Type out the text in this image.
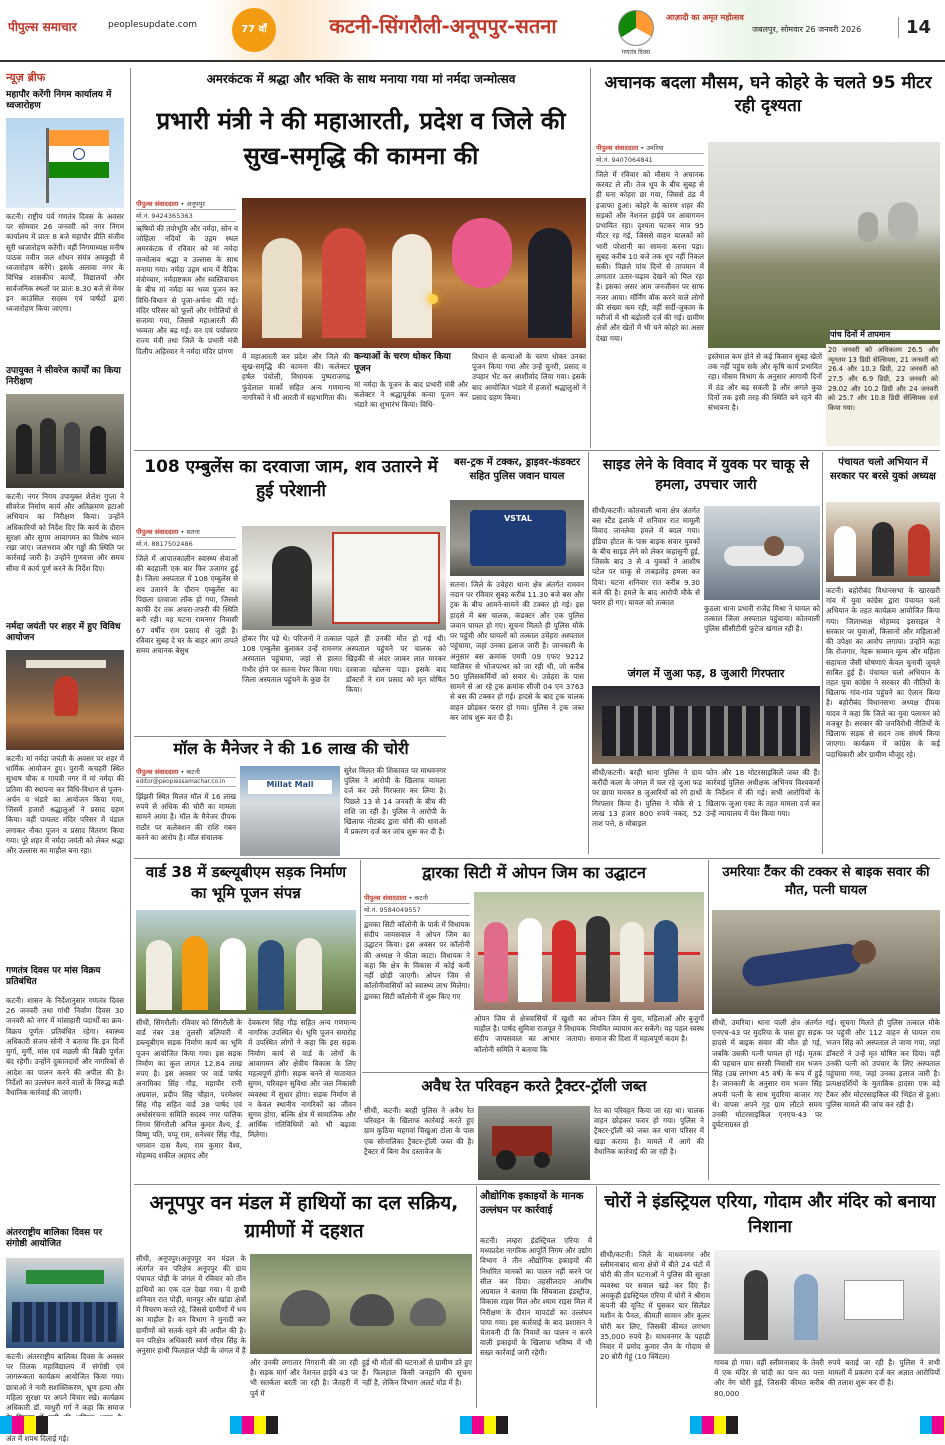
पीपुल्स समाचार	peoplesupdate.com	77 वाँ	कटनी-सिंगरौली-अनूपपुर-सतना
गणतंत्र दिवस
आज़ादी का अमृत महोत्सव
जबलपुर, सोमवार 26 जनवरी 2026	14
न्यूज़ ब्रीफ
महापौर करेंगी निगम कार्यालय में ध्वजारोहण
कटनी। राष्ट्रीय पर्व गणतंत्र दिवस के अवसर पर सोमवार 26 जनवरी को नगर निगम कार्यालय में प्रातः 8 बजे महापौर प्रीति संजीव सूरी ध्वजारोहण करेंगी। वहीं निगमाध्यक्ष मनीष पाठक नवीन जल शोधन संयंत्र अमकुही में ध्वजारोहण करेंगे। इसके अलावा नगर के विभिन्न शासकीय कार्यों, विद्यालयों और सार्वजनिक स्थलों पर प्रातः 8.30 बजे से मेयर इन काउंसिल सदस्य एवं पार्षदों द्वारा ध्वजारोहण किया जाएगा।
उपायुक्त ने सीवरेज कार्यों का किया निरीक्षण
कटनी। नगर निगम उपायुक्त शैलेश गुप्ता ने सीवरेज निर्माण कार्य और अतिक्रमण हटाओ अभियान का निरीक्षण किया। उन्होंने अधिकारियों को निर्देश दिए कि कार्य के दौरान सुरक्षा और सुगम आवागमन का विशेष ध्यान रखा जाए। जलभराव और गड्ढों की स्थिति पर कार्रवाई जारी है। उन्होंने गुणवत्ता और समय सीमा में कार्य पूर्ण करने के निर्देश दिए।
नर्मदा जयंती पर शहर में हुए विविध आयोजन
कटनी। मां नर्मदा जयंती के अवसर पर शहर में धार्मिक आयोजन हुए। पुरानी कचहरी स्थित सुभाष चौक व गायत्री नगर में मां नर्मदा की प्रतिमा की स्थापना कर विधि-विधान से पूजन-अर्चन व भंडारे का आयोजन किया गया, जिसमें हजारों श्रद्धालुओं ने प्रसाद ग्रहण किया। वहीं पायलट मंदिर परिसर में पंडाल लगाकर नौका पूजन व प्रसाद वितरण किया गया। पूरे शहर में नर्मदा जयंती को लेकर श्रद्धा और उल्लास का माहौल बना रहा।
गणतंत्र दिवस पर मांस विक्रय प्रतिबंधित
कटनी। शासन के निर्देशानुसार गणतंत्र दिवस 26 जनवरी तथा गांधी निर्वाण दिवस 30 जनवरी को नगर में मांसाहारी पदार्थों का क्रय-विक्रय पूर्णतः प्रतिबंधित रहेगा। स्वास्थ्य अधिकारी संजय सोनी ने बताया कि इन दिनों मुर्गा, मुर्गी, मांस एवं मछली की बिक्री पूर्णतः बंद रहेगी। उन्होंने दुकानदारों और नागरिकों से आदेश का पालन करने की अपील की है। निर्देशों का उल्लंघन करने वालों के विरुद्ध कड़ी वैधानिक कार्रवाई की जाएगी।
अंतरराष्ट्रीय बालिका दिवस पर संगोष्ठी आयोजित
कटनी। अंतरराष्ट्रीय बालिका दिवस के अवसर पर तिलक महाविद्यालय में संगोष्ठी एवं जागरूकता कार्यक्रम आयोजित किया गया। छात्राओं ने नारी सशक्तिकरण, भ्रूण हत्या और महिला सुरक्षा पर अपने विचार रखे। कार्यक्रम अधिकारी डॉ. माधुरी गर्ग ने कहा कि समाज अंत में शपथ दिलाई गई।
अमरकंटक में श्रद्धा और भक्ति के साथ मनाया गया मां नर्मदा जन्मोत्सव
प्रभारी मंत्री ने की महाआरती, प्रदेश व जिले की सुख-समृद्धि की कामना की
पीपुल्स संवाददाता • अनूपपुर
मो.नं. 9424365363
ऋषियों की तपोभूमि और नर्मदा, सोन व जोहिला नदियों के उद्गम स्थल अमरकंटक में रविवार को मां नर्मदा जन्मोत्सव श्रद्धा व उल्लास के साथ मनाया गया। नर्मदा उद्गम धाम में वैदिक मंत्रोच्चार, नर्मदाष्टकम और स्वस्तिवाचन के बीच मां नर्मदा का भव्य पूजन कर विधि-विधान से पूजा-अर्चना की गई। मंदिर परिसर को फूलों और रंगोलियों से सजाया गया, जिससे महाआरती की भव्यता और बढ़ गई। वन एवं पर्यावरण राज्य मंत्री तथा जिले के प्रभारी मंत्री दिलीप अहिरवार ने नर्मदा मंदिर प्रांगण
में महाआरती कर प्रदेश और जिले की सुख-समृद्धि की कामना की। कलेक्टर हर्षल पंचोली, विधायक पुष्पराजगढ़ फुंदेलाल मार्को सहित अन्य गणमान्य नागरिकों ने भी आरती में सहभागिता की।
कन्याओं के चरण धोकर किया पूजन
मां नर्मदा के पूजन के बाद प्रभारी मंत्री और कलेक्टर ने श्रद्धापूर्वक कन्या पूजन कर भंडारे का शुभारंभ किया। विधि-
विधान से कन्याओं के चरण धोकर उनका पूजन किया गया और उन्हें चुनरी, प्रसाद व उपहार भेंट कर आशीर्वाद लिया गया। इसके बाद आयोजित भंडारे में हजारों श्रद्धालुओं ने प्रसाद ग्रहण किया।
अचानक बदला मौसम, घने कोहरे के चलते 95 मीटर रही दृश्यता
पीपुल्स संवाददाता • उमरिया
मो.नं. 9407064841
जिले में रविवार को मौसम ने अचानक करवट ले ली। तेज धूप के बीच सुबह से ही घना कोहरा छा गया, जिससे ठंड में इजाफा हुआ। कोहरे के कारण शहर की सड़कों और नेशनल हाईवे पर आवागमन प्रभावित रहा। दृश्यता घटकर मात्र 95 मीटर रह गई, जिससे वाहन चालकों को भारी परेशानी का सामना करना पड़ा। सुबह करीब 10 बजे तक धूप नहीं निकल सकी। पिछले पांच दिनों से तापमान में लगातार उतार-चढ़ाव देखने को मिल रहा है। इसका असर आम जनजीवन पर साफ नजर आया। मॉर्निंग वॉक करने वाले लोगों की संख्या कम रही, वहीं सर्दी-जुकाम के मरीजों में भी बढ़ोतरी दर्ज की गई। ग्रामीण क्षेत्रों और खेतों में भी घने कोहरे का असर देखा गया।	पांच दिनों में तापमान
20 जनवरी को अधिकतम 26.5 और न्यूनतम 13 डिग्री सेल्सियस, 21 जनवरी को 26.4 और 10.3 डिग्री, 22 जनवरी को 27.5 और 6.9 डिग्री, 23 जनवरी को 29.02 और 10.2 डिग्री और 24 जनवरी को 25.7 और 10.8 डिग्री सेल्सियस दर्ज किया गया।
इस्तेमाल कम होने से कई किसान सुबह खेतों तक नहीं पहुंच सके और कृषि कार्य प्रभावित रहा। मौसम विभाग के अनुसार आगामी दिनों में ठंड और बढ़ सकती है और अगले कुछ दिनों तक इसी तरह की स्थिति बने रहने की संभावना है।
108 एम्बुलेंस का दरवाजा जाम, शव उतारने में हुई परेशानी
पीपुल्स संवाददाता • सतना
मो.नं. 8817502486
जिले में आपातकालीन स्वास्थ्य सेवाओं की बदहाली एक बार फिर उजागर हुई है। जिला अस्पताल में 108 एम्बुलेंस से शव उतारने के दौरान एम्बुलेंस का पिछला दरवाजा लॉक हो गया, जिससे काफी देर तक अफरा-तफरी की स्थिति बनी रही। यह घटना रामनगर निवासी 67 वर्षीय राम प्रसाद से जुड़ी है। रविवार सुबह दे घर के बाहर आग तापते समय अचानक बेसुध
होकर गिर पड़े थे। परिजनों ने तत्काल 108 एम्बुलेंस बुलाकर उन्हें रामनगर अस्पताल पहुंचाया, जहां से हालत गंभीर होने पर सतना रेफर किया गया। जिला अस्पताल पहुंचने के कुछ देर
पहले ही उनकी मौत हो गई थी। अस्पताल पहुंचने पर चालक को खिड़की से अंदर जाकर लात मारकर दरवाजा खोलना पड़ा। इसके बाद डॉक्टरों ने राम प्रसाद को मृत घोषित किया।
बस-ट्रक में टक्कर, ड्राइवर-कंडक्टर सहित पुलिस जवान घायल
VSTAL
सतना। जिले के उचेहरा थाना क्षेत्र अंतर्गत रामवन नदान पर रविवार सुबह करीब 11.30 बजे बस और ट्रक के बीच आमने-सामने की टक्कर हो गई। इस हादसे में बस चालक, कंडक्टर और एक पुलिस जवान घायल हो गए। सूचना मिलते ही पुलिस मौके पर पहुंची और घायलों को तत्काल उचेहरा अस्पताल पहुंचाया, जहां उनका इलाज जारी है। जानकारी के अनुसार बस क्रमांक एमपी 09 एफए 9212 ग्वालियर से भोजपत्थर को जा रही थी, जो करीब 50 पुलिसकर्मियों को सवार थे। उचेहरा के पास सामने से आ रहे ट्रक क्रमांक सीजी 04 एन 3763 से बस की टक्कर हो गई। हादसे के बाद ट्रक चालक वाहन छोड़कर फरार हो गया। पुलिस ने ट्रक जब्त कर जांच शुरू कर दी है।
साइड लेने के विवाद में युवक पर चाकू से हमला, उपचार जारी
सीधी/कटनी। कोतवाली थाना क्षेत्र अंतर्गत बस स्टैंड इलाके में शनिवार रात मामूली विवाद जानलेवा हमले में बदल गया। इंडिया होटल के पास बाइक सवार युवकों के बीच साइड लेने को लेकर कहासुनी हुई, जिसके बाद 3 से 4 युवकों ने आशीष पटेल पर चाकू से ताबड़तोड़ हमला कर दिया। घटना शनिवार रात करीब 9.30 बजे की है। हमले के बाद आरोपी मौके से फरार हो गए। घायल को तत्काल
कुठला थाना प्रभारी राजेंद्र मिश्रा ने घायल को तत्काल जिला अस्पताल पहुंचाया। कोतवाली पुलिस सीसीटीवी फुटेज खंगाल रही है।
जंगल में जुआ फड़, 8 जुआरी गिरफ्तार
सीधी/कटनी। बरही थाना पुलिस ने ग्राम करौंदी कला के जंगल में चल रहे जुआ फड़ पर छापा मारकर 8 जुआरियों को रंगे हाथों गिरफ्तार किया है। पुलिस ने मौके से 1 लाख 13 हजार 800 रुपये नकद, 52 ताश पत्ते, 8 मोबाइल
फोन और 18 मोटरसाइकिलें जब्त की हैं। कार्रवाई पुलिस अधीक्षक अभिनय विश्वकर्मा के निर्देशन में की गई। सभी आरोपियों के खिलाफ जुआ एक्ट के तहत मामला दर्ज कर उन्हें न्यायालय में पेश किया गया।
पंचायत चलो अभियान में सरकार पर बरसे युकां अध्यक्ष
कटनी। बहोरीबंद विधानसभा के खारखरी गांव में युवा कांग्रेस द्वारा पंचायत चलो अभियान के तहत कार्यक्रम आयोजित किया गया। जिलाध्यक्ष मोहम्मद इसराइल ने सरकार पर युवाओं, किसानों और महिलाओं की उपेक्षा का आरोप लगाया। उन्होंने कहा कि रोजगार, नेहरू सम्मान मूल्य और महिला सहायता जैसी घोषणाएं केवल चुनावी जुमले साबित हुई हैं। पंचायत चलो अभियान के तहत युवा कांग्रेस ने सरकार की नीतियों के खिलाफ गांव-गांव पहुंचने का ऐलान किया है। बहोरीबंद विधानसभा अध्यक्ष दीपक यादव ने कहा कि जिले का युवा पलायन को मजबूर है। सरकार की जनविरोधी नीतियों के खिलाफ सड़क से सदन तक संघर्ष किया जाएगा। कार्यक्रम में कांग्रेस के कई पदाधिकारी और ग्रामीण मौजूद रहे।
मॉल के मैनेजर ने की 16 लाख की चोरी
पीपुल्स संवाददाता • कटनी
editor@peoplessamachar.co.in
झिंझरी स्थित मिलत मॉल में 16 लाख रुपये से अधिक की चोरी का मामला सामने आया है। मॉल के मैनेजर दीपक राठौर पर कलेक्शन की राशि गबन करने का आरोप है। मॉल संचालक
Millat Mall
सुरेश मिलत की शिकायत पर माधवनगर पुलिस ने आरोपी के खिलाफ मामला दर्ज कर उसे गिरफ्तार कर लिया है। पिछले 13 से 14 जनवरी के बीच की राशि जा रही है। पुलिस ने आरोपी के खिलाफ नोटबंद द्वारा चोरी की धाराओं में प्रकरण दर्ज कर जांच शुरू कर दी है।
वार्ड 38 में डब्ल्यूबीएम सड़क निर्माण का भूमि पूजन संपन्न
सीधी, सिंगरौली। रविवार को सिंगरौली के वार्ड नंबर 38 तुलसी बलियारी में डब्ल्यूबीएम सड़क निर्माण कार्य का भूमि पूजन आयोजित किया गया। इस सड़क निर्माण का कुल लागत 12.84 लाख रुपए है। इस अवसर पर वार्ड पार्षद अनामिका सिंह गौड़, महापौर रानी अग्रवाल, प्रदीप सिंह चौहान, परमेश्वर सिंह गौड़ सहित वार्ड 38 पार्षद एवं अधोसंरचना समिति सदस्य नगर पालिक निगम सिंगरौली अनिल कुमार वैश्य, ई. विष्णु पति, पप्पू राम, सनेश्वर सिंह गौड़, भगवान दास वैश्य, राम कुमार वैश्य, मोहम्मद शकील अहमद और
देवकरण सिंह गौड़ सहित अन्य गणमान्य नागरिक उपस्थित थे। भूमि पूजन समारोह में उपस्थित लोगों ने कहा कि इस सड़क निर्माण कार्य से वार्ड के लोगों के आवागमन और क्षेत्रीय विकास के लिए महत्वपूर्ण होगी। सड़क बनने से यातायात सुगम, परिवहन सुविधा और जल निकासी व्यवस्था में सुधार होगा। सड़क निर्माण से न केवल स्थानीय नागरिकों का जीवन सुगम होगा, बल्कि क्षेत्र में सामाजिक और आर्थिक गतिविधियों को भी बढ़ावा मिलेगा।
द्वारका सिटी में ओपन जिम का उद्घाटन
पीपुल्स संवाददाता • कटनी
मो.नं. 9584049557
द्वारका सिटी कॉलोनी के पार्क में विधायक संदीप जायसवाल ने ओपन जिम का उद्घाटन किया। इस अवसर पर कॉलोनी की अध्यक्ष ने फीता काटा। विधायक ने कहा कि क्षेत्र के विकास में कोई कमी नहीं छोड़ी जाएगी। ओपन जिम से कॉलोनीवासियों को स्वास्थ्य लाभ मिलेगा। द्वारका सिटी कॉलोनी में शुरू किए गए
ओपन जिम से क्षेत्रवासियों में खुशी का माहौल है। पार्षद सुमित्रा राजपूत ने विधायक संदीप जायसवाल का आभार जताया। कॉलोनी समिति ने बताया कि
ओपन जिम से युवा, महिलाओं और बुजुर्गों नियमित व्यायाम कर सकेंगे। यह पहल स्वस्थ समाज की दिशा में महत्वपूर्ण कदम है।
उमरियाः टैंकर की टक्कर से बाइक सवार की मौत, पत्नी घायल
सीधी, उमरिया। थाना पाली क्षेत्र अंतर्गत एनएच-43 पर मुदरिया के पास हुए सड़क हादसे में बाइक सवार की मौत हो गई, जबकि उसकी पत्नी घायल हो गई। मृतक की पहचान ग्राम सरसी निवासी राम भजन सिंह (उम्र लगभग 45 वर्ष) के रूप में हुई है। जानकारी के अनुसार राम भजन सिंह अपनी पत्नी के साथ मुदरिया बाजार गए थे। वापस अपने गृह ग्राम लौटते समय उनकी मोटरसाइकिल एनएच-43 पर दुर्घटनाग्रस्त हो
गई। सूचना मिलते ही पुलिस तत्काल मौके पर पहुंची और 112 वाहन से घायल राम भजन सिंह को अस्पताल ले जाया गया, जहां डॉक्टरों ने उन्हें मृत घोषित कर दिया। वहीं उनकी पत्नी को उपचार के लिए अस्पताल पहुंचाया गया, जहां उनका इलाज जारी है। प्रत्यक्षदर्शियों के मुताबिक हादसा एक बड़े टैंकर और मोटरसाइकिल की भिड़ंत से हुआ। पुलिस मामले की जांच कर रही है।
अवैध रेत परिवहन करते ट्रैक्टर-ट्रॉली जब्त
सीधी, कटनी। बरही पुलिस ने अवैध रेत परिवहन के खिलाफ कार्रवाई करते हुए ग्राम कुठिया महगवां चिखुआ टोला के पास एक सोनालिका ट्रैक्टर-ट्रॉली जब्त की है। ट्रैक्टर में बिना वैध दस्तावेज के
रेत का परिवहन किया जा रहा था। चालक वाहन छोड़कर फरार हो गया। पुलिस ने ट्रैक्टर-ट्रॉली को जब्त कर थाना परिसर में खड़ा कराया है। मामले में आगे की वैधानिक कार्रवाई की जा रही है।
अनूपपुर वन मंडल में हाथियों का दल सक्रिय, ग्रामीणों में दहशत
सीधी, अनूपपुर।अनूपपुर वन मंडल के अंतर्गत वन परिक्षेत्र अनूपपुर की ग्राम पंचायत पोड़ी के जंगल में रविवार को तीन हाथियों का एक दल देखा गया। ये हाथी शनिवार रात पोड़ी, मानपुर और खांडा क्षेत्रों में विचरण करते रहे, जिससे ग्रामीणों में भय का माहौल है। वन विभाग ने मुनादी कर ग्रामीणों को सतर्क रहने की अपील की है। वन परिक्षेत्र अधिकारी स्वर्ण गौरव सिंह के अनुसार हाथी फिलहाल पोड़ी के जंगल में हैं
और उनकी लगातार निगरानी की जा रही है। सड़क मार्ग और नेशनल हाईवे 43 पर भी सतर्कता बरती जा रही है। जैतहरी में पूर्व में
हुई थी मौतों की घटनाओं से ग्रामीण डरे हुए हैं। फिलहाल किसी जनहानि की सूचना नहीं है, लेकिन विभाग अलर्ट मोड में है।
औद्योगिक इकाइयों के मानक उल्लंघन पर कार्रवाई
कटनी। लम्हरा इंडस्ट्रियल एरिया में मध्यप्रदेश नागरिक आपूर्ति निगम और उद्योग विभाग ने तीन औद्योगिक इकाइयों की निर्धारित मानकों का पालन नहीं करने पर सील कर दिया। तहसीलदार आशीष अग्रवाल ने बताया कि सिंघवाला इंडस्ट्रीज, विकास राइस मिल और श्याम राइस मिल में निरीक्षण के दौरान मापदंडों का उल्लंघन पाया गया। इस कार्रवाई के बाद प्रशासन ने चेतावनी दी कि नियमों का पालन न करने वाली इकाइयों के खिलाफ भविष्य में भी सख्त कार्रवाई जारी रहेगी।
चोरों ने इंडस्ट्रियल एरिया, गोदाम और मंदिर को बनाया निशाना
सीधी/कटनी। जिले के माधवनगर और स्लीमनाबाद थाना क्षेत्रों में बीते 24 घंटों में चोरी की तीन घटनाओं ने पुलिस की सुरक्षा व्यवस्था पर सवाल खड़े कर दिए हैं। अमकुही इंडस्ट्रियल एरिया में चोरों ने श्रीराम कंपनी की यूनिट में घुसकर चार सिलेंडर मशीन के पैनल, कीमती सामान और कूलर चोरी कर लिए, जिसकी कीमत लगभग 35,000 रुपये है। माधवनगर के पहाड़ी निवार में प्रमोद कुमार जैन के गोदाम से 20 बोरी गेहूं (10 क्विंटल)
गायब हो गया। वहीं स्लीमनाबाद के तेवरी में एक मंदिर से चांदी का पान का पत्ता और नेग चोरी हुई, जिसकी कीमत करीब 80,000
रुपये बताई जा रही है। पुलिस ने सभी मामलों में प्रकरण दर्ज कर अज्ञात आरोपियों की तलाश शुरू कर दी है।
